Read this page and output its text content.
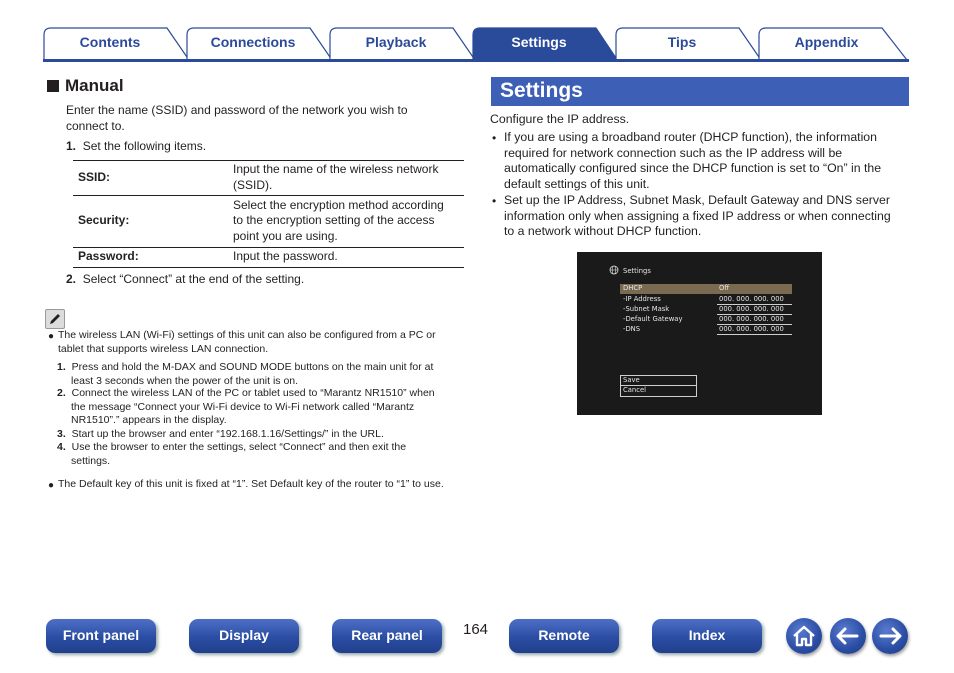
Contents	Connections	Playback	Settings	Tips	Appendix
Manual
Enter the name (SSID) and password of the network you wish to
connect to.
1. Set the following items.
SSID:	Input the name of the wireless network
(SSID).

Security:	Select the encryption method according
to the encryption setting of the access
point you are using.

Password:	Input the password.
2. Select “Connect” at the end of the setting.
● The wireless LAN (Wi-Fi) settings of this unit can also be configured from a PC or
tablet that supports wireless LAN connection.
1. Press and hold the M-DAX and SOUND MODE buttons on the main unit for at
least 3 seconds when the power of the unit is on.
2. Connect the wireless LAN of the PC or tablet used to “Marantz NR1510” when
the message “Connect your Wi-Fi device to Wi-Fi network called “Marantz
NR1510”.” appears in the display.
3. Start up the browser and enter “192.168.1.16/Settings/” in the URL.
4. Use the browser to enter the settings, select “Connect” and then exit the
settings.
● The Default key of this unit is fixed at “1”. Set Default key of the router to “1” to use.
Settings
Configure the IP address.
• If you are using a broadband router (DHCP function), the information
required for network connection such as the IP address will be
automatically configured since the DHCP function is set to “On” in the
default settings of this unit.
• Set up the IP Address, Subnet Mask, Default Gateway and DNS server
information only when assigning a fixed IP address or when connecting
to a network without DHCP function.
Settings
DHCP	Off
-IP Address	000. 000. 000. 000
-Subnet Mask	000. 000. 000. 000
-Default Gateway	000. 000. 000. 000
-DNS	000. 000. 000. 000
Save
Cancel
Front panel	Display	Rear panel	164	Remote	Index
